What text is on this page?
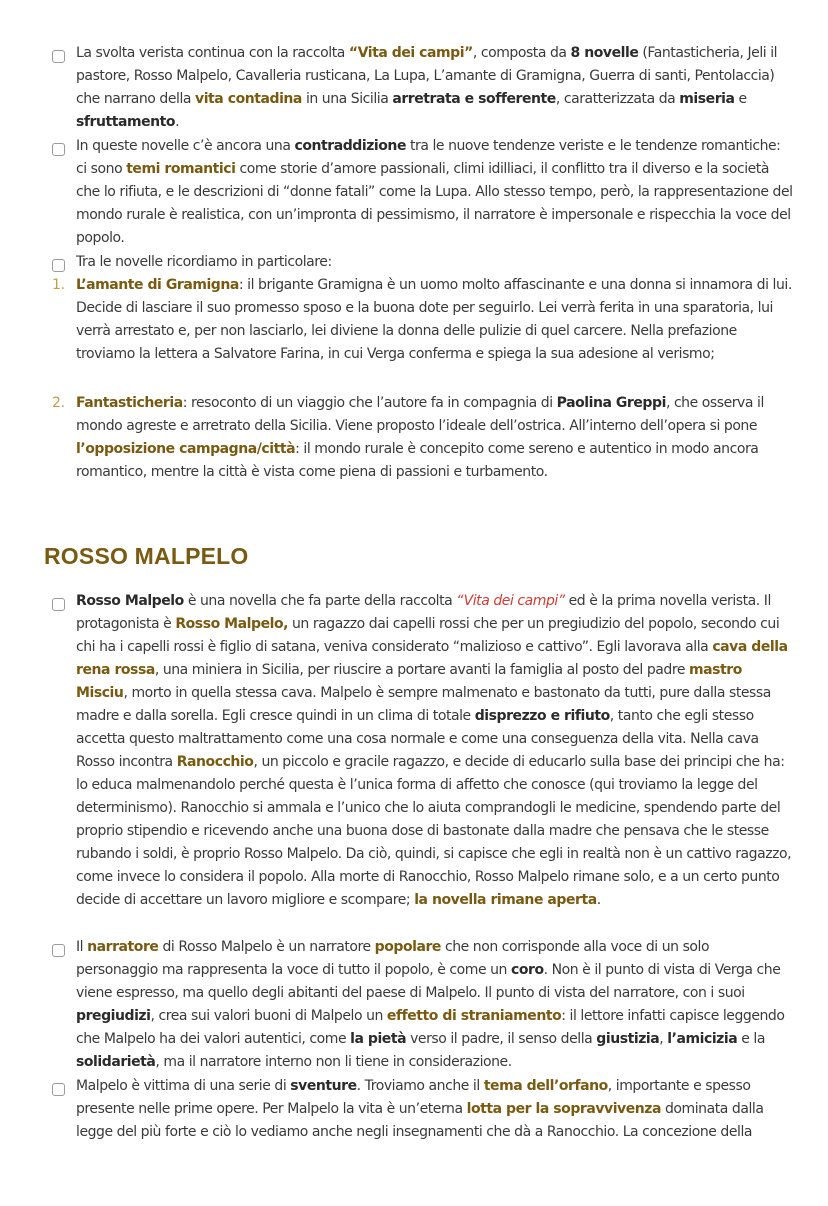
La svolta verista continua con la raccolta “Vita dei campi”, composta da 8 novelle (Fantasticheria, Jeli il pastore, Rosso Malpelo, Cavalleria rusticana, La Lupa, L’amante di Gramigna, Guerra di santi, Pentolaccia) che narrano della vita contadina in una Sicilia arretrata e sofferente, caratterizzata da miseria e sfruttamento.

In queste novelle c’è ancora una contraddizione tra le nuove tendenze veriste e le tendenze romantiche: ci sono temi romantici come storie d’amore passionali, climi idilliaci, il conflitto tra il diverso e la società che lo rifiuta, e le descrizioni di “donne fatali” come la Lupa. Allo stesso tempo, però, la rappresentazione del mondo rurale è realistica, con un’impronta di pessimismo, il narratore è impersonale e rispecchia la voce del popolo.

Tra le novelle ricordiamo in particolare:

1. L’amante di Gramigna: il brigante Gramigna è un uomo molto affascinante e una donna si innamora di lui. Decide di lasciare il suo promesso sposo e la buona dote per seguirlo. Lei verrà ferita in una sparatoria, lui verrà arrestato e, per non lasciarlo, lei diviene la donna delle pulizie di quel carcere. Nella prefazione troviamo la lettera a Salvatore Farina, in cui Verga conferma e spiega la sua adesione al verismo;

2. Fantasticheria: resoconto di un viaggio che l’autore fa in compagnia di Paolina Greppi, che osserva il mondo agreste e arretrato della Sicilia. Viene proposto l’ideale dell’ostrica. All’interno dell’opera si pone l’opposizione campagna/città: il mondo rurale è concepito come sereno e autentico in modo ancora romantico, mentre la città è vista come piena di passioni e turbamento.

ROSSO MALPELO

Rosso Malpelo è una novella che fa parte della raccolta “Vita dei campi” ed è la prima novella verista. Il protagonista è Rosso Malpelo, un ragazzo dai capelli rossi che per un pregiudizio del popolo, secondo cui chi ha i capelli rossi è figlio di satana, veniva considerato “malizioso e cattivo”. Egli lavorava alla cava della rena rossa, una miniera in Sicilia, per riuscire a portare avanti la famiglia al posto del padre mastro Misciu, morto in quella stessa cava. Malpelo è sempre malmenato e bastonato da tutti, pure dalla stessa madre e dalla sorella. Egli cresce quindi in un clima di totale disprezzo e rifiuto, tanto che egli stesso accetta questo maltrattamento come una cosa normale e come una conseguenza della vita. Nella cava Rosso incontra Ranocchio, un piccolo e gracile ragazzo, e decide di educarlo sulla base dei principi che ha: lo educa malmenandolo perché questa è l’unica forma di affetto che conosce (qui troviamo la legge del determinismo). Ranocchio si ammala e l’unico che lo aiuta comprandogli le medicine, spendendo parte del proprio stipendio e ricevendo anche una buona dose di bastonate dalla madre che pensava che le stesse rubando i soldi, è proprio Rosso Malpelo. Da ciò, quindi, si capisce che egli in realtà non è un cattivo ragazzo, come invece lo considera il popolo. Alla morte di Ranocchio, Rosso Malpelo rimane solo, e a un certo punto decide di accettare un lavoro migliore e scompare; la novella rimane aperta.

Il narratore di Rosso Malpelo è un narratore popolare che non corrisponde alla voce di un solo personaggio ma rappresenta la voce di tutto il popolo, è come un coro. Non è il punto di vista di Verga che viene espresso, ma quello degli abitanti del paese di Malpelo. Il punto di vista del narratore, con i suoi pregiudizi, crea sui valori buoni di Malpelo un effetto di straniamento: il lettore infatti capisce leggendo che Malpelo ha dei valori autentici, come la pietà verso il padre, il senso della giustizia, l’amicizia e la solidarietà, ma il narratore interno non li tiene in considerazione.

Malpelo è vittima di una serie di sventure. Troviamo anche il tema dell’orfano, importante e spesso presente nelle prime opere. Per Malpelo la vita è un’eterna lotta per la sopravvivenza dominata dalla legge del più forte e ciò lo vediamo anche negli insegnamenti che dà a Ranocchio. La concezione della
